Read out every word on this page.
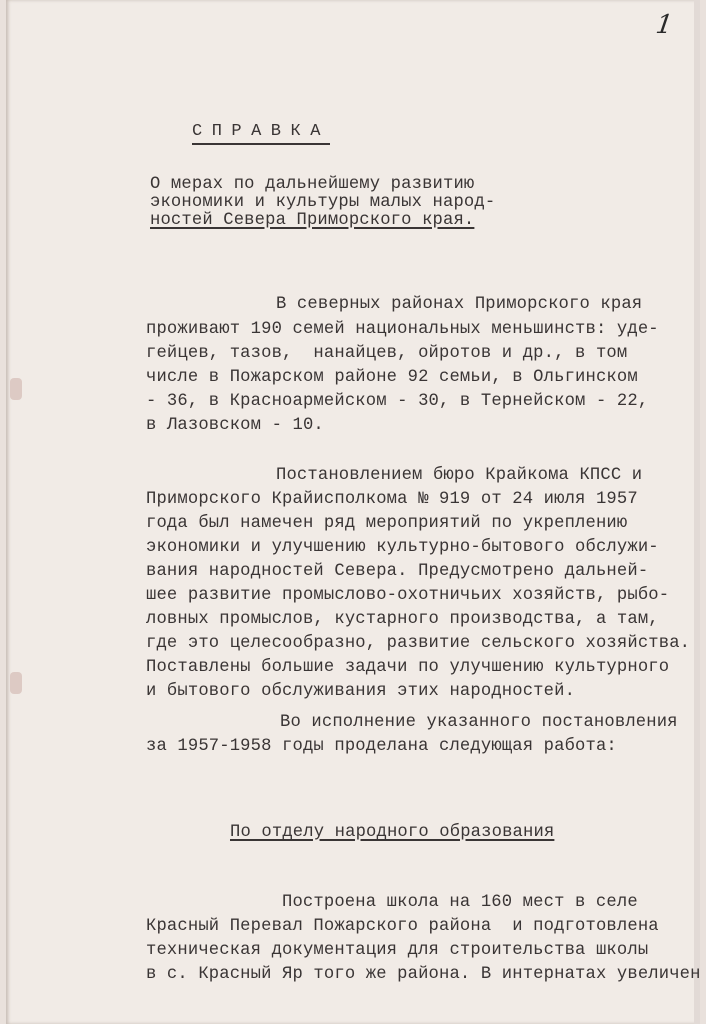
1
СПРАВКА
О мерах по дальнейшему развитию
экономики и культуры малых народ-
ностей Севера Приморского края.
В северных районах Приморского края
проживают 190 семей национальных меньшинств: уде-
гейцев, тазов,  нанайцев, ойротов и др., в том
числе в Пожарском районе 92 семьи, в Ольгинском
- 36, в Красноармейском - 30, в Тернейском - 22,
в Лазовском - 10.
Постановлением бюро Крайкома КПСС и
Приморского Крайисполкома № 919 от 24 июля 1957
года был намечен ряд мероприятий по укреплению
экономики и улучшению культурно-бытового обслужи-
вания народностей Севера. Предусмотрено дальней-
шее развитие промыслово-охотничьих хозяйств, рыбо-
ловных промыслов, кустарного производства, а там,
где это целесообразно, развитие сельского хозяйства.
Поставлены большие задачи по улучшению культурного
и бытового обслуживания этих народностей.
Во исполнение указанного постановления
за 1957-1958 годы проделана следующая работа:
По отделу народного образования
Построена школа на 160 мест в селе
Красный Перевал Пожарского района  и подготовлена
техническая документация для строительства школы
в с. Красный Яр того же района. В интернатах увеличен
